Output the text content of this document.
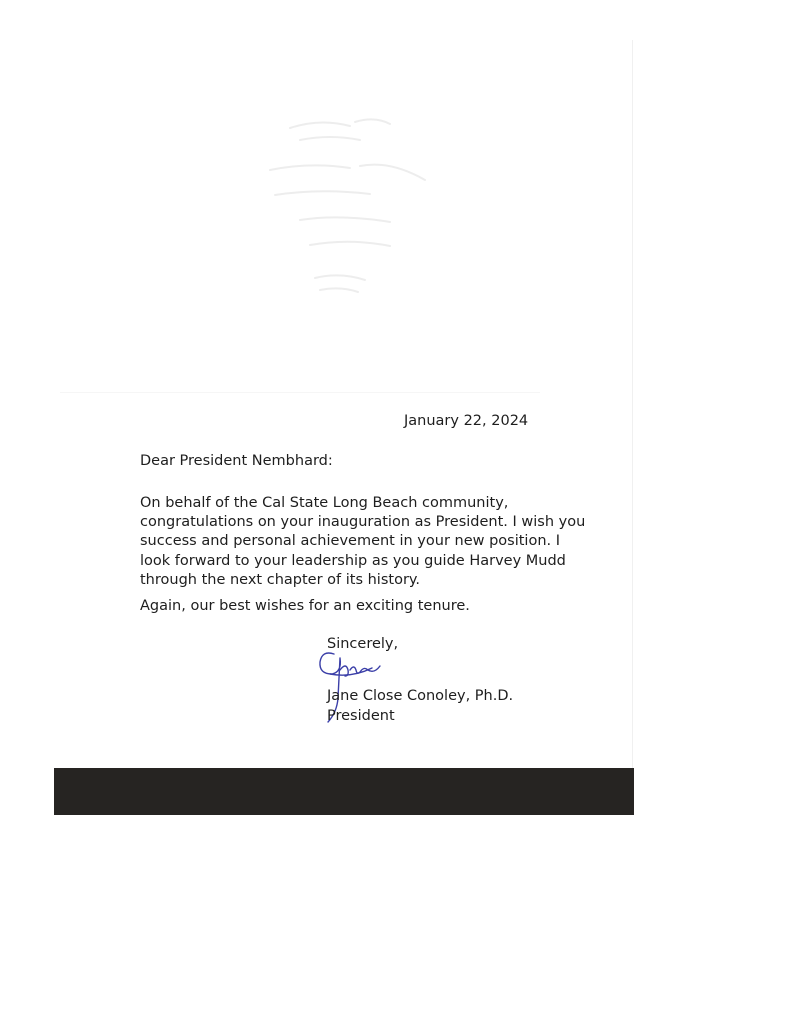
January 22, 2024
Dear President Nembhard:
On behalf of the Cal State Long Beach community,
congratulations on your inauguration as President. I wish you
success and personal achievement in your new position. I
look forward to your leadership as you guide Harvey Mudd
through the next chapter of its history.
Again, our best wishes for an exciting tenure.
Sincerely,
Jane Close Conoley, Ph.D.
President
